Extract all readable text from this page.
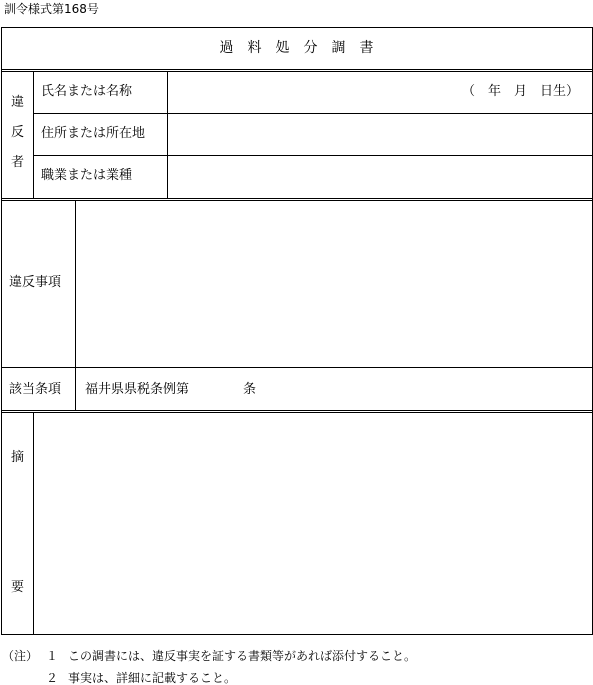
訓令様式第168号
過　料　処　分　調　書
違
反
者
氏名または名称	（　年　月　日生）
住所または所在地
職業または業種
違反事項
該当条項 福井県県税条例第	条
摘
要
（注） １ この調書には、違反事実を証する書類等があれば添付すること。
２ 事実は、詳細に記載すること。
